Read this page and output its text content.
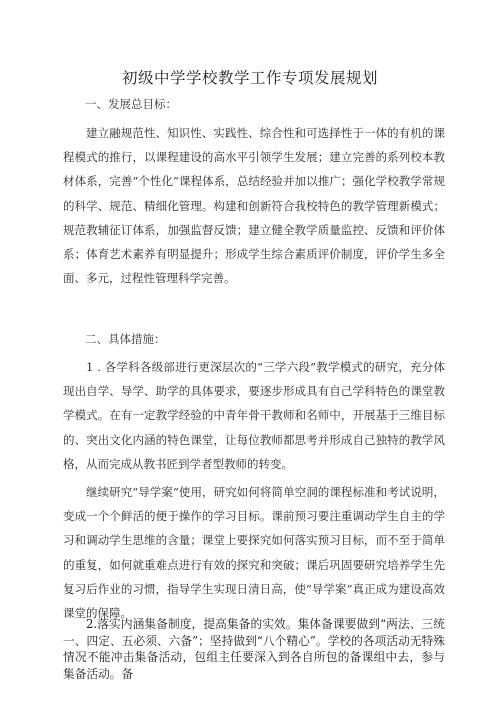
初级中学学校教学工作专项发展规划
一、发展总目标：
建立融规范性、知识性、实践性、综合性和可选择性于一体的有机的课程模式的推行，以课程建设的高水平引领学生发展；建立完善的系列校本教材体系，完善“个性化”课程体系，总结经验并加以推广；强化学校教学常规的科学、规范、精细化管理。构建和创新符合我校特色的教学管理新模式；规范教辅征订体系，加强监督反馈；建立健全教学质量监控、反馈和评价体系；体育艺术素养有明显提升；形成学生综合素质评价制度，评价学生多全面、多元，过程性管理科学完善。
二、具体措施：
1 . 各学科各级部进行更深层次的“三学六段”教学模式的研究，充分体现出自学、导学、助学的具体要求，要逐步形成具有自己学科特色的课堂教学模式。在有一定教学经验的中青年骨干教师和名师中，开展基于三维目标的、突出文化内涵的特色课堂，让每位教师都思考并形成自己独特的教学风格，从而完成从教书匠到学者型教师的转变。
继续研究“导学案”使用，研究如何将简单空洞的课程标准和考试说明，变成一个个鲜活的便于操作的学习目标。课前预习要注重调动学生自主的学习和调动学生思维的含量；课堂上要探究如何落实预习目标，而不至于简单的重复，如何就重难点进行有效的探究和突破；课后巩固要研究培养学生先复习后作业的习惯，指导学生实现日清日高，使“导学案”真正成为建设高效课堂的保障。
2.落实内涵集备制度，提高集备的实效。集体备课要做到“两法、三统一、四定、五必须、六备”；坚持做到“八个精心”。学校的各项活动无特殊情况不能冲击集备活动，包组主任要深入到各自所包的备课组中去，参与集备活动。备
